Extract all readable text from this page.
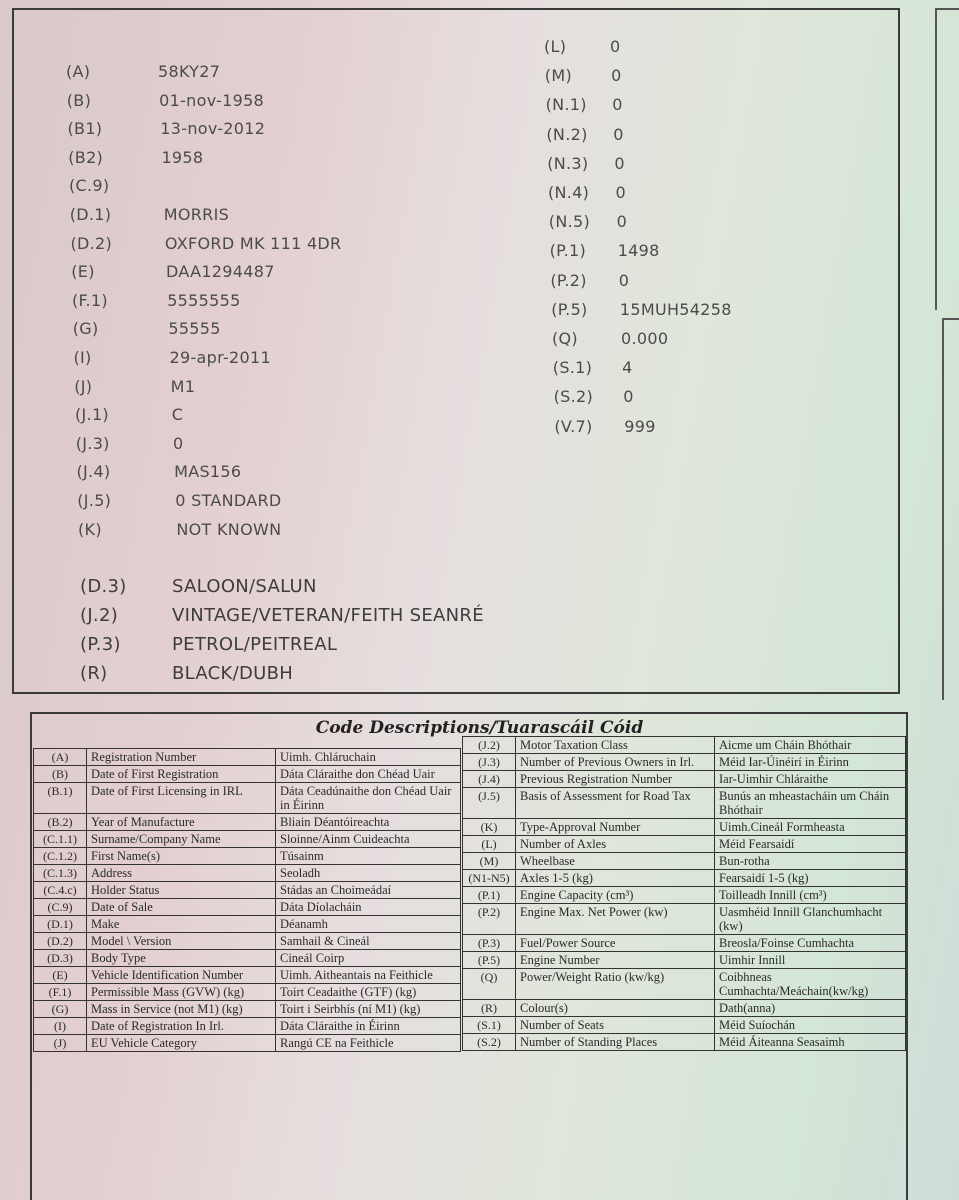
(A)	58KY27
(B)	01-nov-1958
(B1)	13-nov-2012
(B2)	1958
(C.9)
(D.1)	MORRIS
(D.2)	OXFORD MK 111 4DR
(E)	DAA1294487
(F.1)	5555555
(G)	55555
(I)	29-apr-2011
(J)	M1
(J.1)	C
(J.3)	0
(J.4)	MAS156
(J.5)	0 STANDARD
(K)	NOT KNOWN
(D.3)	SALOON/SALUN
(J.2)	VINTAGE/VETERAN/FEITH SEANRÉ
(P.3)	PETROL/PEITREAL
(R)	BLACK/DUBH
(L)	0
(M) 0
(N.1) 0
(N.2) 0
(N.3) 0
(N.4) 0
(N.5) 0
(P.1) 1498
(P.2) 0
(P.5) 15MUH54258
(Q)	0.000
(S.1) 4
(S.2) 0
(V.7) 999
Code Descriptions/Tuarascáil Cóid
(A)	Registration Number	Uimh. Chláruchain
(B)	Date of First Registration	Dáta Cláraithe don Chéad Uair
(B.1)	Date of First Licensing in IRL	Dáta Ceadúnaithe don Chéad Uair in Éirinn
(B.2)	Year of Manufacture	Bliain Déantóireachta
(C.1.1)	Surname/Company Name	Sloinne/Ainm Cuideachta
(C.1.2)	First Name(s)	Túsainm
(C.1.3)	Address	Seoladh
(C.4.c)	Holder Status	Stádas an Choimeádaí
(C.9)	Date of Sale	Dáta Díolacháin
(D.1)	Make	Déanamh
(D.2)	Model \ Version	Samhail & Cineál
(D.3)	Body Type	Cineál Coirp
(E)	Vehicle Identification Number	Uimh. Aitheantais na Feithicle
(F.1)	Permissible Mass (GVW) (kg)	Toirt Ceadaithe (GTF) (kg)
(G)	Mass in Service (not M1) (kg)	Toirt i Seirbhís (ní M1) (kg)
(I)	Date of Registration In Irl.	Dáta Cláraithe in Éirinn
(J)	EU Vehicle Category	Rangú CE na Feithicle
(J.2)	Motor Taxation Class	Aicme um Cháin Bhóthair
(J.3)	Number of Previous Owners in Irl.	Méid Iar-Úinéirí in Éirinn
(J.4)	Previous Registration Number	Iar-Uimhir Chláraithe
(J.5)	Basis of Assessment for Road Tax	Bunús an mheastacháin um Cháin Bhóthair
(K)	Type-Approval Number	Uimh.Cineál Formheasta
(L)	Number of Axles	Méid Fearsaidí
(M)	Wheelbase	Bun-rotha
(N1-N5)	Axles 1-5 (kg)	Fearsaidí 1-5 (kg)
(P.1)	Engine Capacity (cm³)	Toilleadh Innill (cm³)
(P.2)	Engine Max. Net Power (kw)	Uasmhéid Innill Glanchumhacht (kw)
(P.3)	Fuel/Power Source	Breosla/Foinse Cumhachta
(P.5)	Engine Number	Uimhir Innill
(Q)	Power/Weight Ratio (kw/kg)	Coibhneas Cumhachta/Meáchain(kw/kg)
(R)	Colour(s)	Dath(anna)
(S.1)	Number of Seats	Méid Suíochán
(S.2)	Number of Standing Places	Méid Áiteanna Seasaimh
